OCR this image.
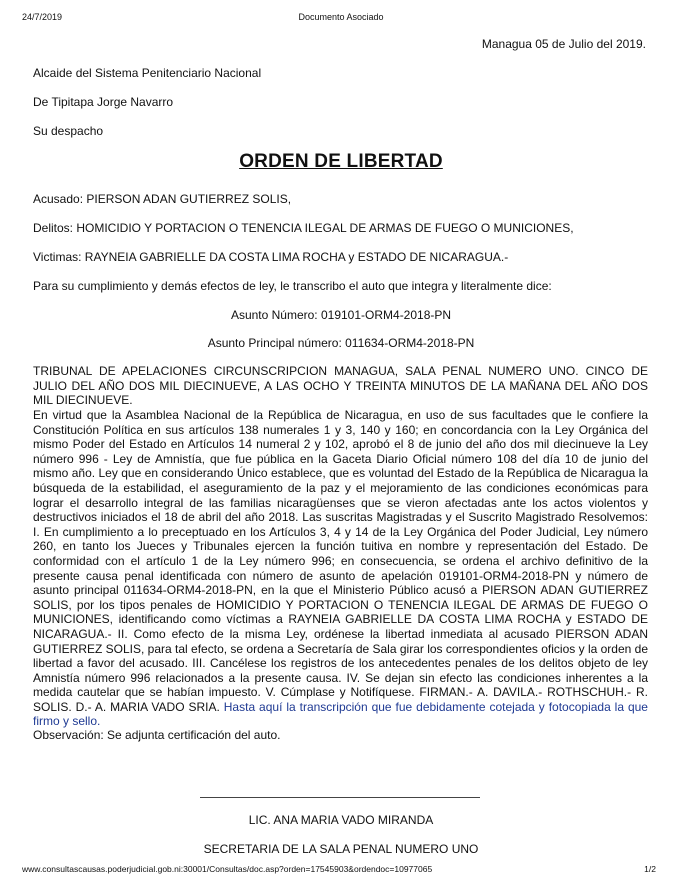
24/7/2019	Documento Asociado
Managua 05 de Julio del 2019.
Alcaide del Sistema Penitenciario Nacional
De Tipitapa Jorge Navarro
Su despacho
ORDEN DE LIBERTAD
Acusado: PIERSON ADAN GUTIERREZ SOLIS,
Delitos: HOMICIDIO Y PORTACION O TENENCIA ILEGAL DE ARMAS DE FUEGO O MUNICIONES,
Victimas: RAYNEIA GABRIELLE DA COSTA LIMA ROCHA y ESTADO DE NICARAGUA.-
Para su cumplimiento y demás efectos de ley, le transcribo el auto que integra y literalmente dice:
Asunto Número: 019101-ORM4-2018-PN
Asunto Principal número: 011634-ORM4-2018-PN
TRIBUNAL DE APELACIONES CIRCUNSCRIPCION MANAGUA, SALA PENAL NUMERO UNO. CINCO DE JULIO DEL AÑO DOS MIL DIECINUEVE, A LAS OCHO Y TREINTA MINUTOS DE LA MAÑANA DEL AÑO DOS MIL DIECINUEVE.
En virtud que la Asamblea Nacional de la República de Nicaragua, en uso de sus facultades que le confiere la Constitución Política en sus artículos 138 numerales 1 y 3, 140 y 160; en concordancia con la Ley Orgánica del mismo Poder del Estado en Artículos 14 numeral 2 y 102, aprobó el 8 de junio del año dos mil diecinueve la Ley número 996 - Ley de Amnistía, que fue pública en la Gaceta Diario Oficial número 108 del día 10 de junio del mismo año. Ley que en considerando Único establece, que es voluntad del Estado de la República de Nicaragua la búsqueda de la estabilidad, el aseguramiento de la paz y el mejoramiento de las condiciones económicas para lograr el desarrollo integral de las familias nicaragüenses que se vieron afectadas ante los actos violentos y destructivos iniciados el 18 de abril del año 2018. Las suscritas Magistradas y el Suscrito Magistrado Resolvemos: I. En cumplimiento a lo preceptuado en los Artículos 3, 4 y 14 de la Ley Orgánica del Poder Judicial, Ley número 260, en tanto los Jueces y Tribunales ejercen la función tuitiva en nombre y representación del Estado. De conformidad con el artículo 1 de la Ley número 996; en consecuencia, se ordena el archivo definitivo de la presente causa penal identificada con número de asunto de apelación 019101-ORM4-2018-PN y número de asunto principal 011634-ORM4-2018-PN, en la que el Ministerio Público acusó a PIERSON ADAN GUTIERREZ SOLIS, por los tipos penales de HOMICIDIO Y PORTACION O TENENCIA ILEGAL DE ARMAS DE FUEGO O MUNICIONES, identificando como víctimas a RAYNEIA GABRIELLE DA COSTA LIMA ROCHA y ESTADO DE NICARAGUA.- II. Como efecto de la misma Ley, ordénese la libertad inmediata al acusado PIERSON ADAN GUTIERREZ SOLIS, para tal efecto, se ordena a Secretaría de Sala girar los correspondientes oficios y la orden de libertad a favor del acusado. III. Cancélese los registros de los antecedentes penales de los delitos objeto de ley Amnistía número 996 relacionados a la presente causa. IV. Se dejan sin efecto las condiciones inherentes a la medida cautelar que se habían impuesto. V. Cúmplase y Notifíquese. FIRMAN.- A. DAVILA.- ROTHSCHUH.- R. SOLIS. D.- A. MARIA VADO SRIA. Hasta aquí la transcripción que fue debidamente cotejada y fotocopiada la que firmo y sello.
Observación: Se adjunta certificación del auto.
LIC. ANA MARIA VADO MIRANDA
SECRETARIA DE LA SALA PENAL NUMERO UNO
www.consultascausas.poderjudicial.gob.ni:30001/Consultas/doc.asp?orden=17545903&ordendoc=10977065	1/2
